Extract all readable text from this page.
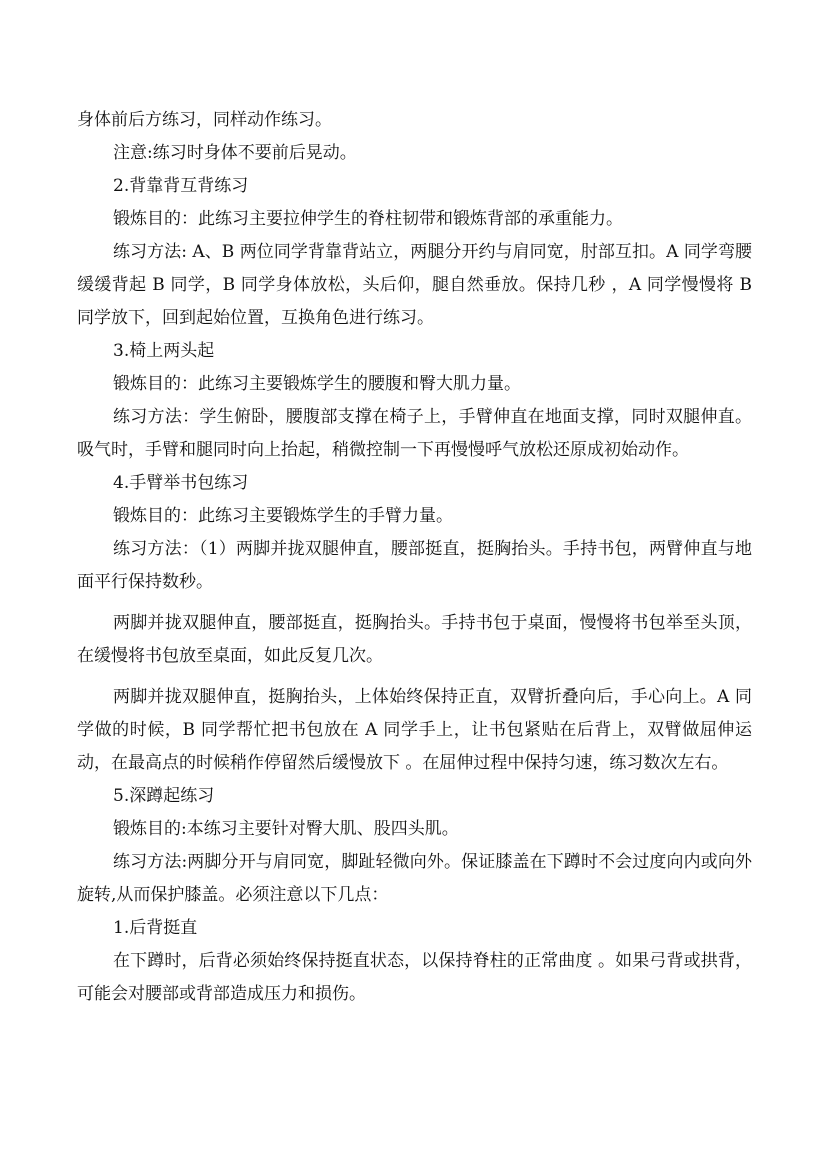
身体前后方练习，同样动作练习。

注意:练习时身体不要前后晃动。

2.背靠背互背练习

锻炼目的：此练习主要拉伸学生的脊柱韧带和锻炼背部的承重能力。

练习方法: A、B 两位同学背靠背站立，两腿分开约与肩同宽，肘部互扣。A 同学弯腰缓缓背起 B 同学，B 同学身体放松，头后仰，腿自然垂放。保持几秒 ，A 同学慢慢将 B 同学放下，回到起始位置，互换角色进行练习。

3.椅上两头起

锻炼目的：此练习主要锻炼学生的腰腹和臀大肌力量。

练习方法：学生俯卧，腰腹部支撑在椅子上，手臂伸直在地面支撑，同时双腿伸直。吸气时，手臂和腿同时向上抬起，稍微控制一下再慢慢呼气放松还原成初始动作。

4.手臂举书包练习

锻炼目的：此练习主要锻炼学生的手臂力量。

练习方法：（1）两脚并拢双腿伸直，腰部挺直，挺胸抬头。手持书包，两臂伸直与地面平行保持数秒。

两脚并拢双腿伸直，腰部挺直，挺胸抬头。手持书包于桌面，慢慢将书包举至头顶，在缓慢将书包放至桌面，如此反复几次。

两脚并拢双腿伸直，挺胸抬头，上体始终保持正直，双臂折叠向后，手心向上。A 同学做的时候，B 同学帮忙把书包放在 A 同学手上，让书包紧贴在后背上，双臂做屈伸运动，在最高点的时候稍作停留然后缓慢放下 。在屈伸过程中保持匀速，练习数次左右。

5.深蹲起练习

锻炼目的:本练习主要针对臀大肌、股四头肌。

练习方法:两脚分开与肩同宽，脚趾轻微向外。保证膝盖在下蹲时不会过度向内或向外旋转,从而保护膝盖。必须注意以下几点：

1.后背挺直

在下蹲时，后背必须始终保持挺直状态，以保持脊柱的正常曲度 。如果弓背或拱背，可能会对腰部或背部造成压力和损伤。
